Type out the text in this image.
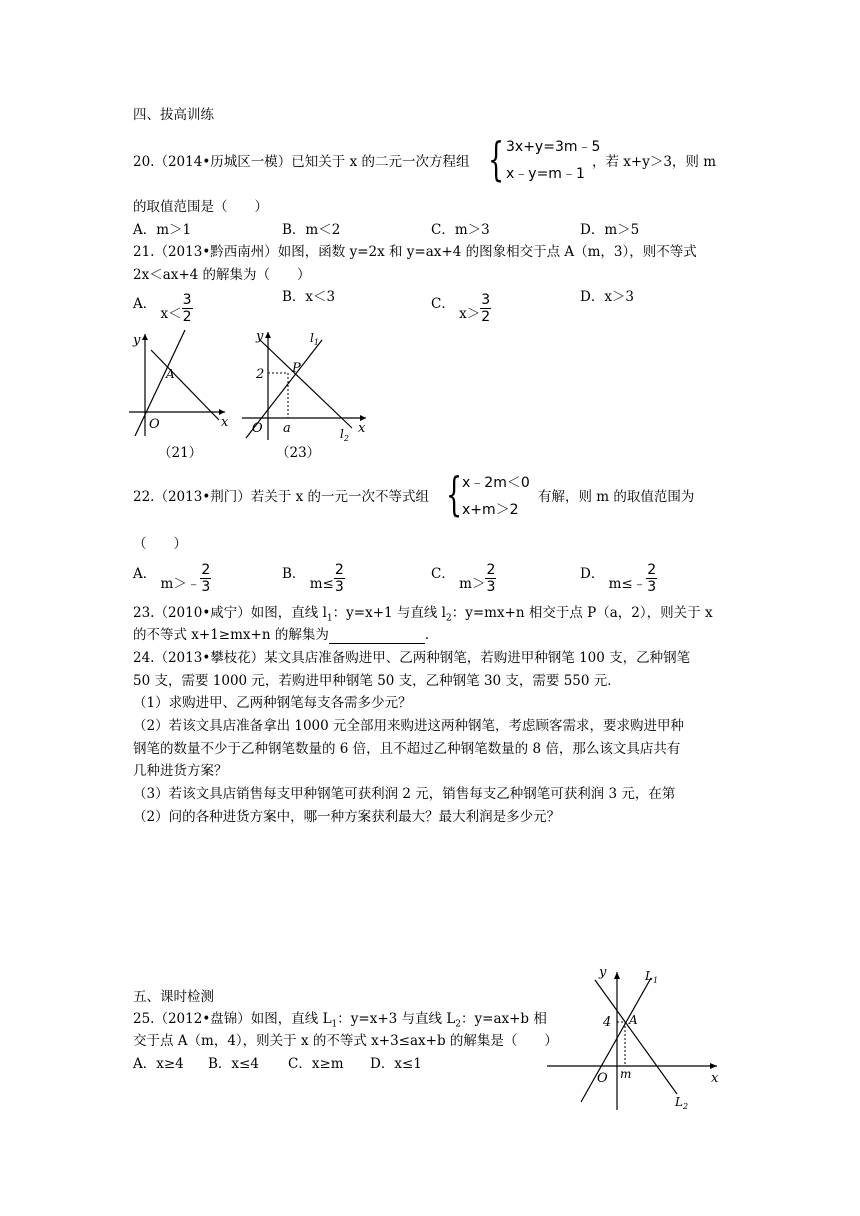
四、拔高训练
20.（2014•历城区一模）已知关于 x 的二元一次方程组 { 3x+y=3m﹣5
x﹣y=m﹣1
，若 x+y＞3，则 m
的取值范围是（　　）
A．m＞1	B．m＜2	C．m＞3	D．m＞5
21.（2013•黔西南州）如图，函数 y=2x 和 y=ax+4 的图象相交于点 A（m，3），则不等式
2x＜ax+4 的解集为（　　）
A． $x< \frac{3}{2}$	B．x＜3	C． $x> \frac{3}{2}$	D．x＞3
y
x
O
A
（21）
y
x
O
2 P
a
$l_1$
$l_2$
（23）
22.（2013•荆门）若关于 x 的一元一次不等式组 { x﹣2m＜0
x+m＞2
有解，则 m 的取值范围为
（　　）
A． m＞﹣ $\frac{2}{3}$	B． $m\le \frac{2}{3}$	C． $m> \frac{2}{3}$	D． m≤﹣ $\frac{2}{3}$
23.（2010•咸宁）如图，直线 $l_1$：y=x+1 与直线 $l_2$：y=mx+n 相交于点 P（a，2），则关于 x
的不等式 x+1≥mx+n 的解集为	．
24.（2013•攀枝花）某文具店准备购进甲、乙两种钢笔，若购进甲种钢笔 100 支，乙种钢笔
50 支，需要 1000 元，若购进甲种钢笔 50 支，乙种钢笔 30 支，需要 550 元．
（1）求购进甲、乙两种钢笔每支各需多少元？
（2）若该文具店准备拿出 1000 元全部用来购进这两种钢笔，考虑顾客需求，要求购进甲种
钢笔的数量不少于乙种钢笔数量的 6 倍，且不超过乙种钢笔数量的 8 倍，那么该文具店共有
几种进货方案？
（3）若该文具店销售每支甲种钢笔可获利润 2 元，销售每支乙种钢笔可获利润 3 元，在第
（2）问的各种进货方案中，哪一种方案获利最大？最大利润是多少元？
五、课时检测
25.（2012•盘锦）如图，直线 $L_1$：y=x+3 与直线 $L_2$：y=ax+b 相
交于点 A（m，4），则关于 x 的不等式 x+3≤ax+b 的解集是（　　）
A．x≥4 B．x≤4 C．x≥m D．x≤1
y
x
O
4 A
m
$L_1$
$L_2$
